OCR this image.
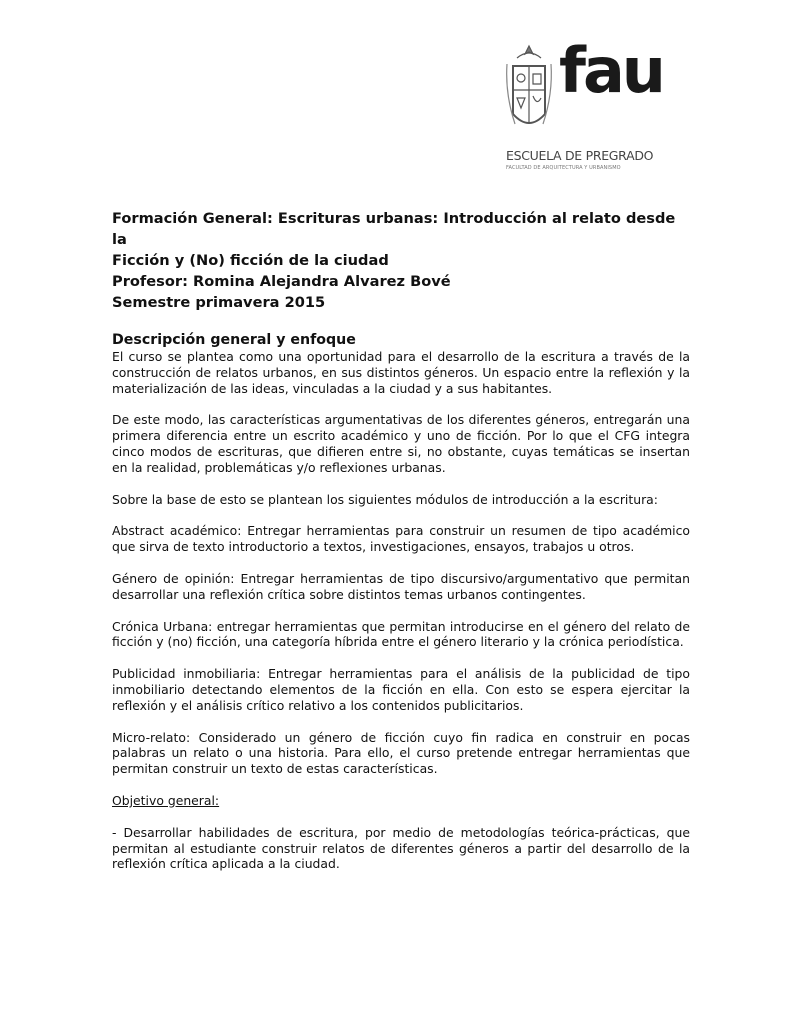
fau
ESCUELA DE PREGRADO
FACULTAD DE ARQUITECTURA Y URBANISMO
Formación General: Escrituras urbanas: Introducción al relato desde la
Ficción y (No) ficción de la ciudad
Profesor: Romina Alejandra Alvarez Bové
Semestre primavera 2015
Descripción general y enfoque

El curso se plantea como una oportunidad para el desarrollo de la escritura a través de la construcción de relatos urbanos, en sus distintos géneros. Un espacio entre la reflexión y la materialización de las ideas, vinculadas a la ciudad y a sus habitantes.

De este modo, las características argumentativas de los diferentes géneros, entregarán una primera diferencia entre un escrito académico y uno de ficción. Por lo que el CFG integra cinco modos de escrituras, que difieren entre si, no obstante, cuyas temáticas se insertan en la realidad, problemáticas y/o reflexiones urbanas.

Sobre la base de esto se plantean los siguientes módulos de introducción a la escritura:

Abstract académico: Entregar herramientas para construir un resumen de tipo académico que sirva de texto introductorio a textos, investigaciones, ensayos, trabajos u otros.

Género de opinión: Entregar herramientas de tipo discursivo/argumentativo que permitan desarrollar una reflexión crítica sobre distintos temas urbanos contingentes.

Crónica Urbana: entregar herramientas que permitan introducirse en el género del relato de ficción y (no) ficción, una categoría híbrida entre el género literario y la crónica periodística.

Publicidad inmobiliaria: Entregar herramientas para el análisis de la publicidad de tipo inmobiliario detectando elementos de la ficción en ella. Con esto se espera ejercitar la reflexión y el análisis crítico relativo a los contenidos publicitarios.

Micro-relato: Considerado un género de ficción cuyo fin radica en construir en pocas palabras un relato o una historia. Para ello, el curso pretende entregar herramientas que permitan construir un texto de estas características.

Objetivo general:

- Desarrollar habilidades de escritura, por medio de metodologías teórica-prácticas, que permitan al estudiante construir relatos de diferentes géneros a partir del desarrollo de la reflexión crítica aplicada a la ciudad.
